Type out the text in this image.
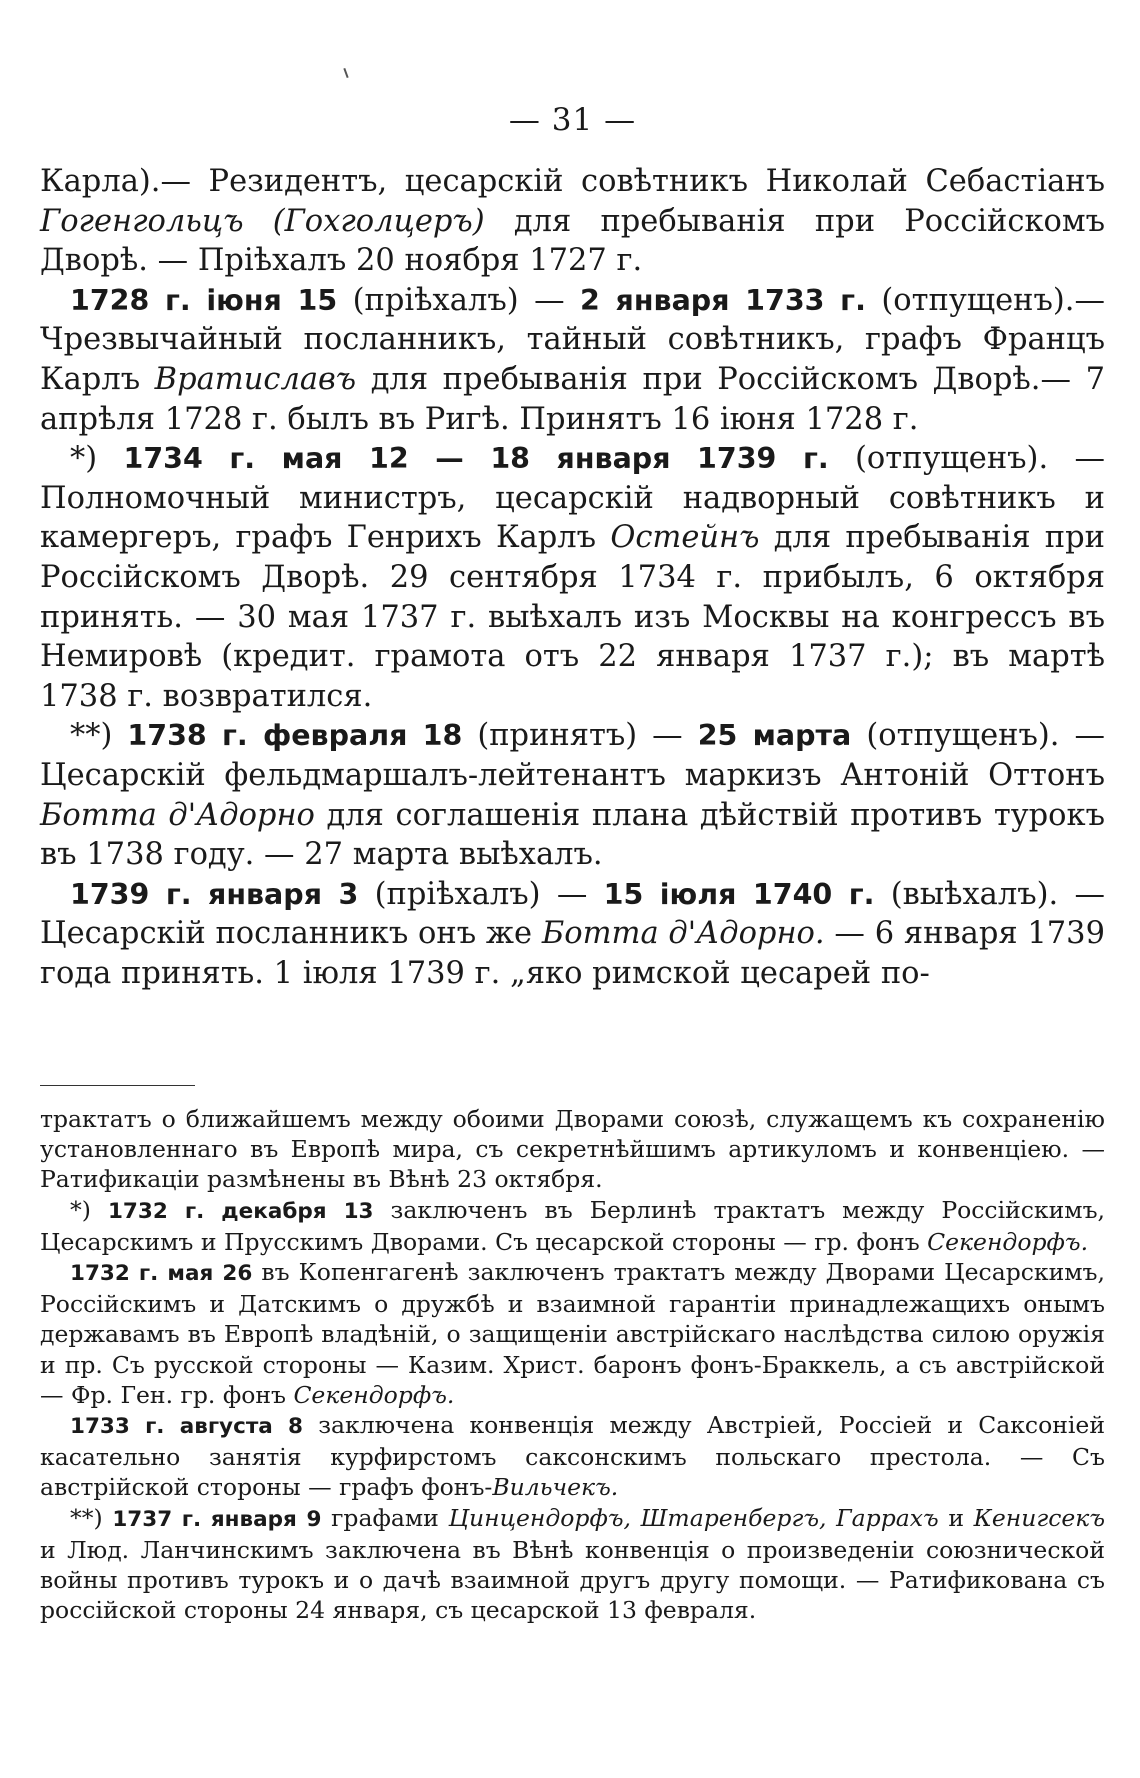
— 31 —

Карла).— Резидентъ, цесарскій совѣтникъ Николай Себастіанъ Гогенгольцъ (Гохголцеръ) для пребыванія при Россійскомъ Дворѣ. — Пріѣхалъ 20 ноября 1727 г.

1728 г. іюня 15 (пріѣхалъ) — 2 января 1733 г. (отпущенъ).— Чрезвычайный посланникъ, тайный совѣтникъ, графъ Францъ Карлъ Вратиславъ для пребыванія при Россійскомъ Дворѣ.— 7 апрѣля 1728 г. былъ въ Ригѣ. Принятъ 16 іюня 1728 г.

*) 1734 г. мая 12 — 18 января 1739 г. (отпущенъ). — Полномочный министръ, цесарскій надворный совѣтникъ и камергеръ, графъ Генрихъ Карлъ Остейнъ для пребыванія при Россійскомъ Дворѣ. 29 сентября 1734 г. прибылъ, 6 октября принять. — 30 мая 1737 г. выѣхалъ изъ Москвы на конгрессъ въ Немировѣ (кредит. грамота отъ 22 января 1737 г.); въ мартѣ 1738 г. возвратился.

**) 1738 г. февраля 18 (принятъ) — 25 марта (отпущенъ). — Цесарскій фельдмаршалъ-лейтенантъ маркизъ Антоній Оттонъ Ботта д'Адорно для соглашенія плана дѣйствій противъ турокъ въ 1738 году. — 27 марта выѣхалъ.

1739 г. января 3 (пріѣхалъ) — 15 іюля 1740 г. (выѣхалъ). — Цесарскій посланникъ онъ же Ботта д'Адорно. — 6 января 1739 года принять. 1 іюля 1739 г. „яко римской цесарей по-

трактатъ о ближайшемъ между обоими Дворами союзѣ, служащемъ къ сохраненію установленнаго въ Европѣ мира, съ секретнѣйшимъ артикуломъ и конвенціею. — Ратификаціи размѣнены въ Вѣнѣ 23 октября.

*) 1732 г. декабря 13 заключенъ въ Берлинѣ трактатъ между Россійскимъ, Цесарскимъ и Прусскимъ Дворами. Съ цесарской стороны — гр. фонъ Секендорфъ.

1732 г. мая 26 въ Копенгагенѣ заключенъ трактатъ между Дворами Цесарскимъ, Россійскимъ и Датскимъ о дружбѣ и взаимной гарантіи принадлежащихъ онымъ державамъ въ Европѣ владѣній, о защищеніи австрійскаго наслѣдства силою оружія и пр. Съ русской стороны — Казим. Христ. баронъ фонъ-Браккель, а съ австрійской — Фр. Ген. гр. фонъ Секендорфъ.

1733 г. августа 8 заключена конвенція между Австріей, Россіей и Саксоніей касательно занятія курфирстомъ саксонскимъ польскаго престола. — Съ австрійской стороны — графъ фонъ-Вильчекъ.

**) 1737 г. января 9 графами Цинцендорфъ, Штаренбергъ, Гаррахъ и Кенигсекъ и Люд. Ланчинскимъ заключена въ Вѣнѣ конвенція о произведеніи союзнической войны противъ турокъ и о дачѣ взаимной другъ другу помощи. — Ратификована съ россійской стороны 24 января, съ цесарской 13 февраля.
